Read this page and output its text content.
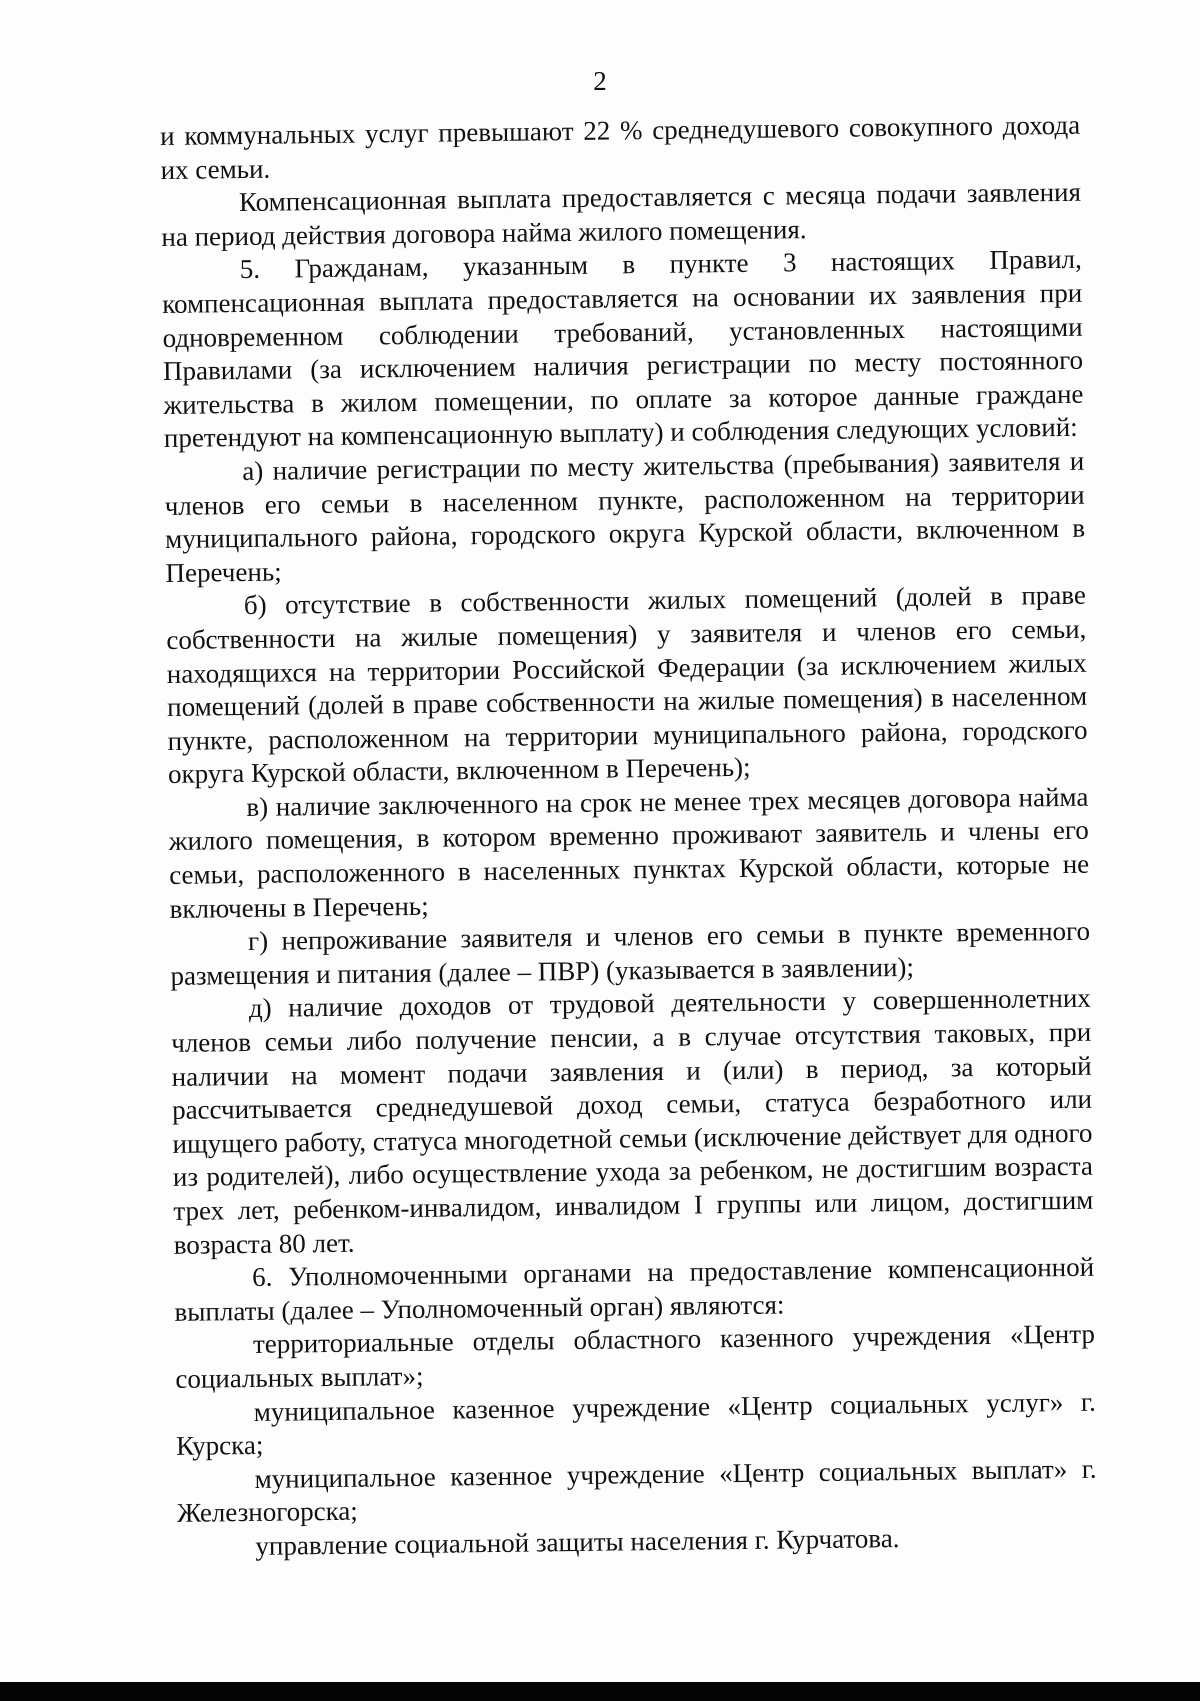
2

и коммунальных услуг превышают 22 % среднедушевого совокупного дохода их семьи.

Компенсационная выплата предоставляется с месяца подачи заявления на период действия договора найма жилого помещения.

5. Гражданам, указанным в пункте 3 настоящих Правил, компенсационная выплата предоставляется на основании их заявления при одновременном соблюдении требований, установленных настоящими Правилами (за исключением наличия регистрации по месту постоянного жительства в жилом помещении, по оплате за которое данные граждане претендуют на компенсационную выплату) и соблюдения следующих условий:

а) наличие регистрации по месту жительства (пребывания) заявителя и членов его семьи в населенном пункте, расположенном на территории муниципального района, городского округа Курской области, включенном в Перечень;

б) отсутствие в собственности жилых помещений (долей в праве собственности на жилые помещения) у заявителя и членов его семьи, находящихся на территории Российской Федерации (за исключением жилых помещений (долей в праве собственности на жилые помещения) в населенном пункте, расположенном на территории муниципального района, городского округа Курской области, включенном в Перечень);

в) наличие заключенного на срок не менее трех месяцев договора найма жилого помещения, в котором временно проживают заявитель и члены его семьи, расположенного в населенных пунктах Курской области, которые не включены в Перечень;

г) непроживание заявителя и членов его семьи в пункте временного размещения и питания (далее – ПВР) (указывается в заявлении);

д) наличие доходов от трудовой деятельности у совершеннолетних членов семьи либо получение пенсии, а в случае отсутствия таковых, при наличии на момент подачи заявления и (или) в период, за который рассчитывается среднедушевой доход семьи, статуса безработного или ищущего работу, статуса многодетной семьи (исключение действует для одного из родителей), либо осуществление ухода за ребенком, не достигшим возраста трех лет, ребенком-инвалидом, инвалидом I группы или лицом, достигшим возраста 80 лет.

6. Уполномоченными органами на предоставление компенсационной выплаты (далее – Уполномоченный орган) являются:

территориальные отделы областного казенного учреждения «Центр социальных выплат»;

муниципальное казенное учреждение «Центр социальных услуг» г. Курска;

муниципальное казенное учреждение «Центр социальных выплат» г. Железногорска;

управление социальной защиты населения г. Курчатова.
